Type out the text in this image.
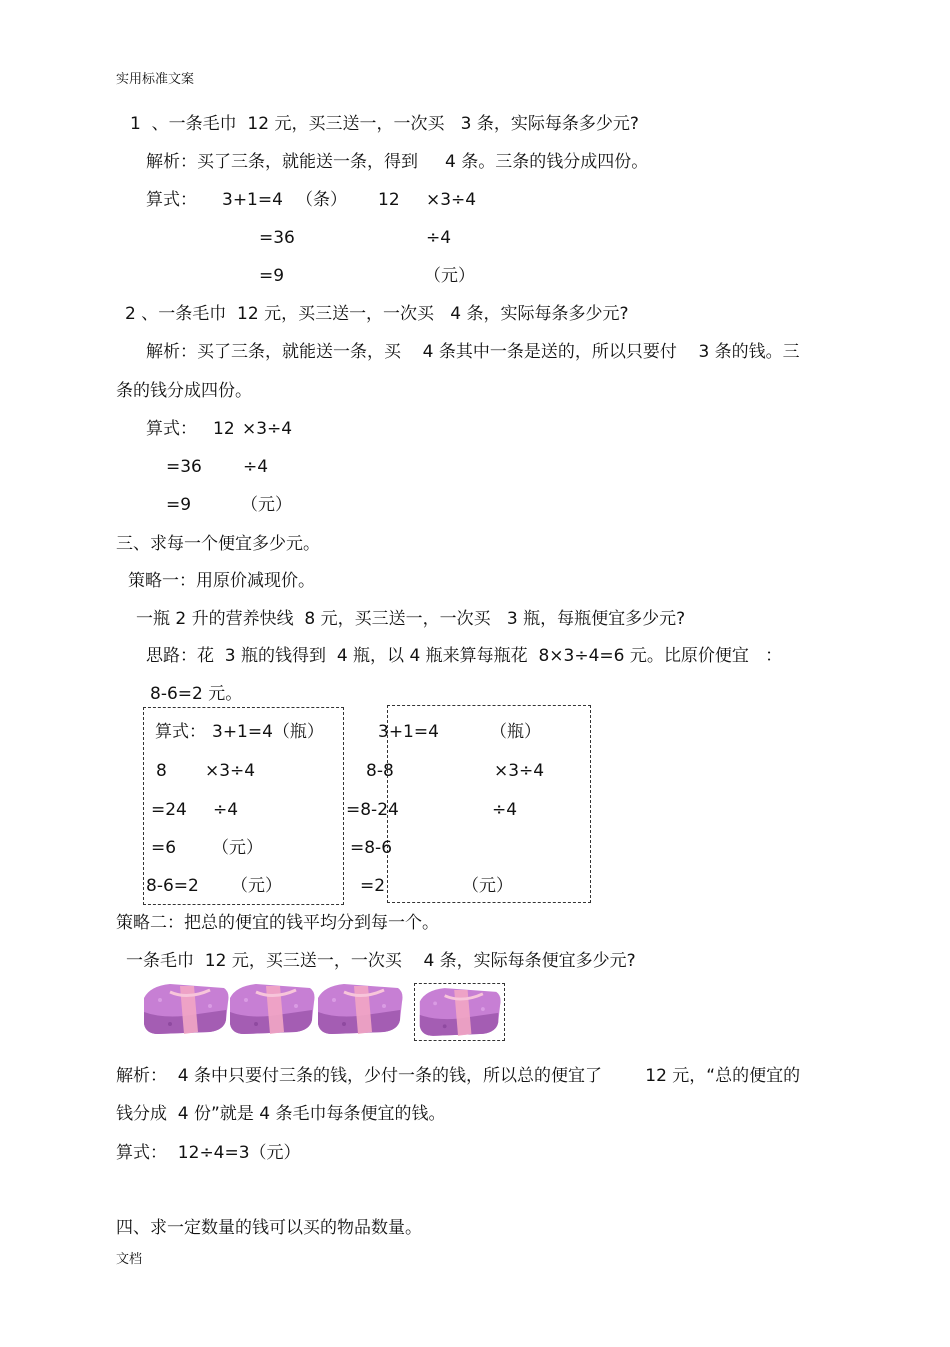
实用标准文案
1  、一条毛巾  12 元，买三送一，一次买   3 条，实际每条多少元?
解析：买了三条，就能送一条，得到     4 条。三条的钱分成四份。
算式： 3+1=4 （条） 12 ×3÷4
=36	÷4
=9	（元）
2 、一条毛巾  12 元，买三送一，一次买   4 条，实际每条多少元?
解析：买了三条，就能送一条，买    4 条其中一条是送的，所以只要付    3 条的钱。三
条的钱分成四份。
算式： 12 ×3÷4
=36 ÷4
=9	（元）
三、求每一个便宜多少元。
策略一：用原价减现价。
一瓶 2 升的营养快线  8 元，买三送一，一次买   3 瓶，每瓶便宜多少元?
思路：花  3 瓶的钱得到  4 瓶，以 4 瓶来算每瓶花  8×3÷4=6 元。比原价便宜   ：
8-6=2 元。
算式： 3+1=4（瓶）
8 ×3÷4
=24 ÷4
=6 （元）
8-6=2 （元）
3+1=4	（瓶）
8-8	×3÷4
=8-24	÷4
=8-6
=2	（元）
策略二：把总的便宜的钱平均分到每一个。
一条毛巾  12 元，买三送一，一次买    4 条，实际每条便宜多少元?
解析：  4 条中只要付三条的钱，少付一条的钱，所以总的便宜了        12 元，“总的便宜的
钱分成  4 份”就是 4 条毛巾每条便宜的钱。
算式：  12÷4=3（元）
四、求一定数量的钱可以买的物品数量。
文档
